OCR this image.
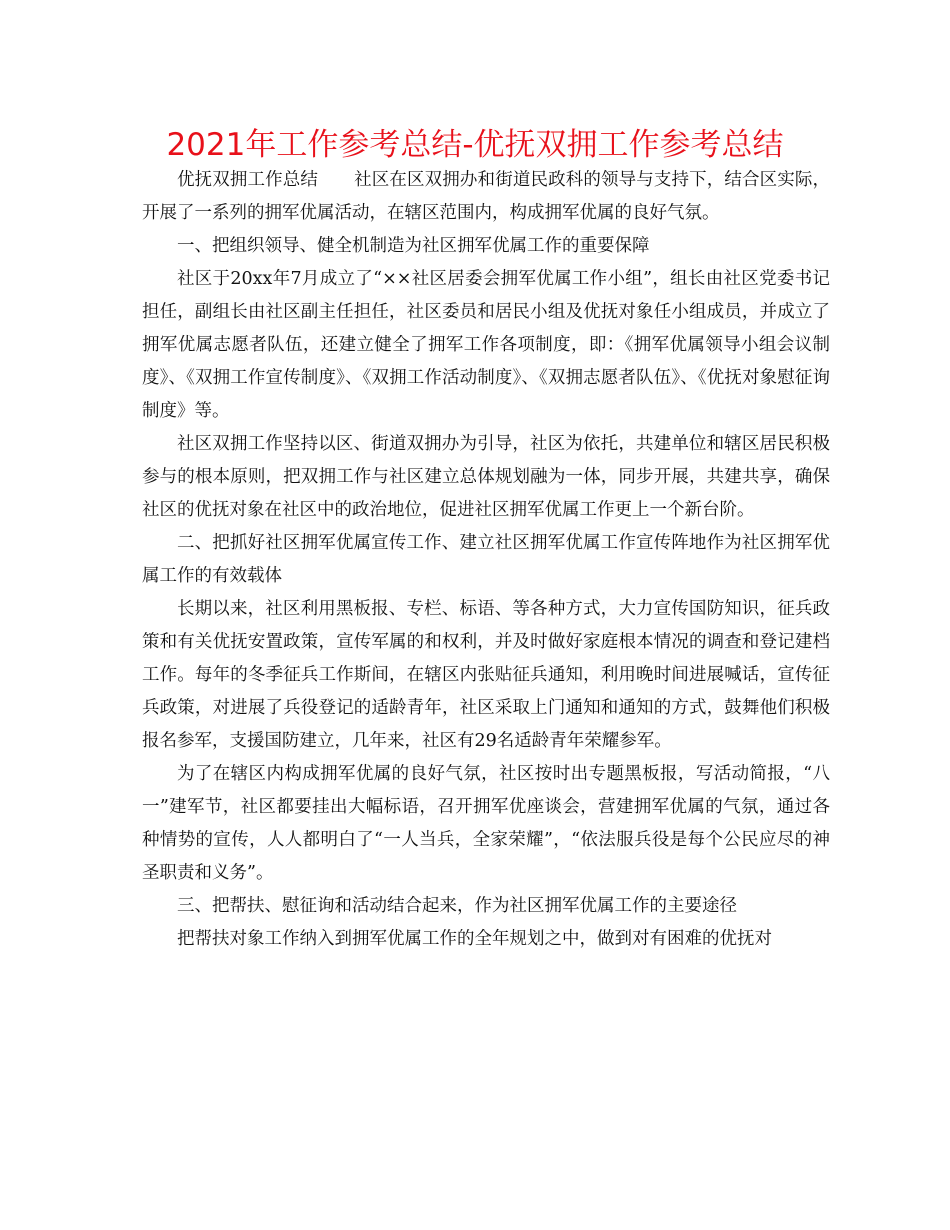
2021年工作参考总结-优抚双拥工作参考总结

优抚双拥工作总结 社区在区双拥办和街道民政科的领导与支持下，结合区实际，开展了一系列的拥军优属活动，在辖区范围内，构成拥军优属的良好气氛。

一、把组织领导、健全机制造为社区拥军优属工作的重要保障

社区于20xx年7月成立了“××社区居委会拥军优属工作小组”，组长由社区党委书记担任，副组长由社区副主任担任，社区委员和居民小组及优抚对象任小组成员，并成立了拥军优属志愿者队伍，还建立健全了拥军工作各项制度，即：《拥军优属领导小组会议制度》、《双拥工作宣传制度》、《双拥工作活动制度》、《双拥志愿者队伍》、《优抚对象慰征询制度》等。

社区双拥工作坚持以区、街道双拥办为引导，社区为依托，共建单位和辖区居民积极参与的根本原则，把双拥工作与社区建立总体规划融为一体，同步开展，共建共享，确保社区的优抚对象在社区中的政治地位，促进社区拥军优属工作更上一个新台阶。

二、把抓好社区拥军优属宣传工作、建立社区拥军优属工作宣传阵地作为社区拥军优属工作的有效载体

长期以来，社区利用黑板报、专栏、标语、等各种方式，大力宣传国防知识，征兵政策和有关优抚安置政策，宣传军属的和权利，并及时做好家庭根本情况的调查和登记建档工作。每年的冬季征兵工作斯间，在辖区内张贴征兵通知，利用晚时间进展喊话，宣传征兵政策，对进展了兵役登记的适龄青年，社区采取上门通知和通知的方式，鼓舞他们积极报名参军，支援国防建立，几年来，社区有29名适龄青年荣耀参军。

为了在辖区内构成拥军优属的良好气氛，社区按时出专题黑板报，写活动简报，“八一”建军节，社区都要挂出大幅标语，召开拥军优座谈会，营建拥军优属的气氛，通过各种情势的宣传，人人都明白了“一人当兵，全家荣耀”，“依法服兵役是每个公民应尽的神圣职责和义务”。

三、把帮扶、慰征询和活动结合起来，作为社区拥军优属工作的主要途径

把帮扶对象工作纳入到拥军优属工作的全年规划之中，做到对有困难的优抚对
